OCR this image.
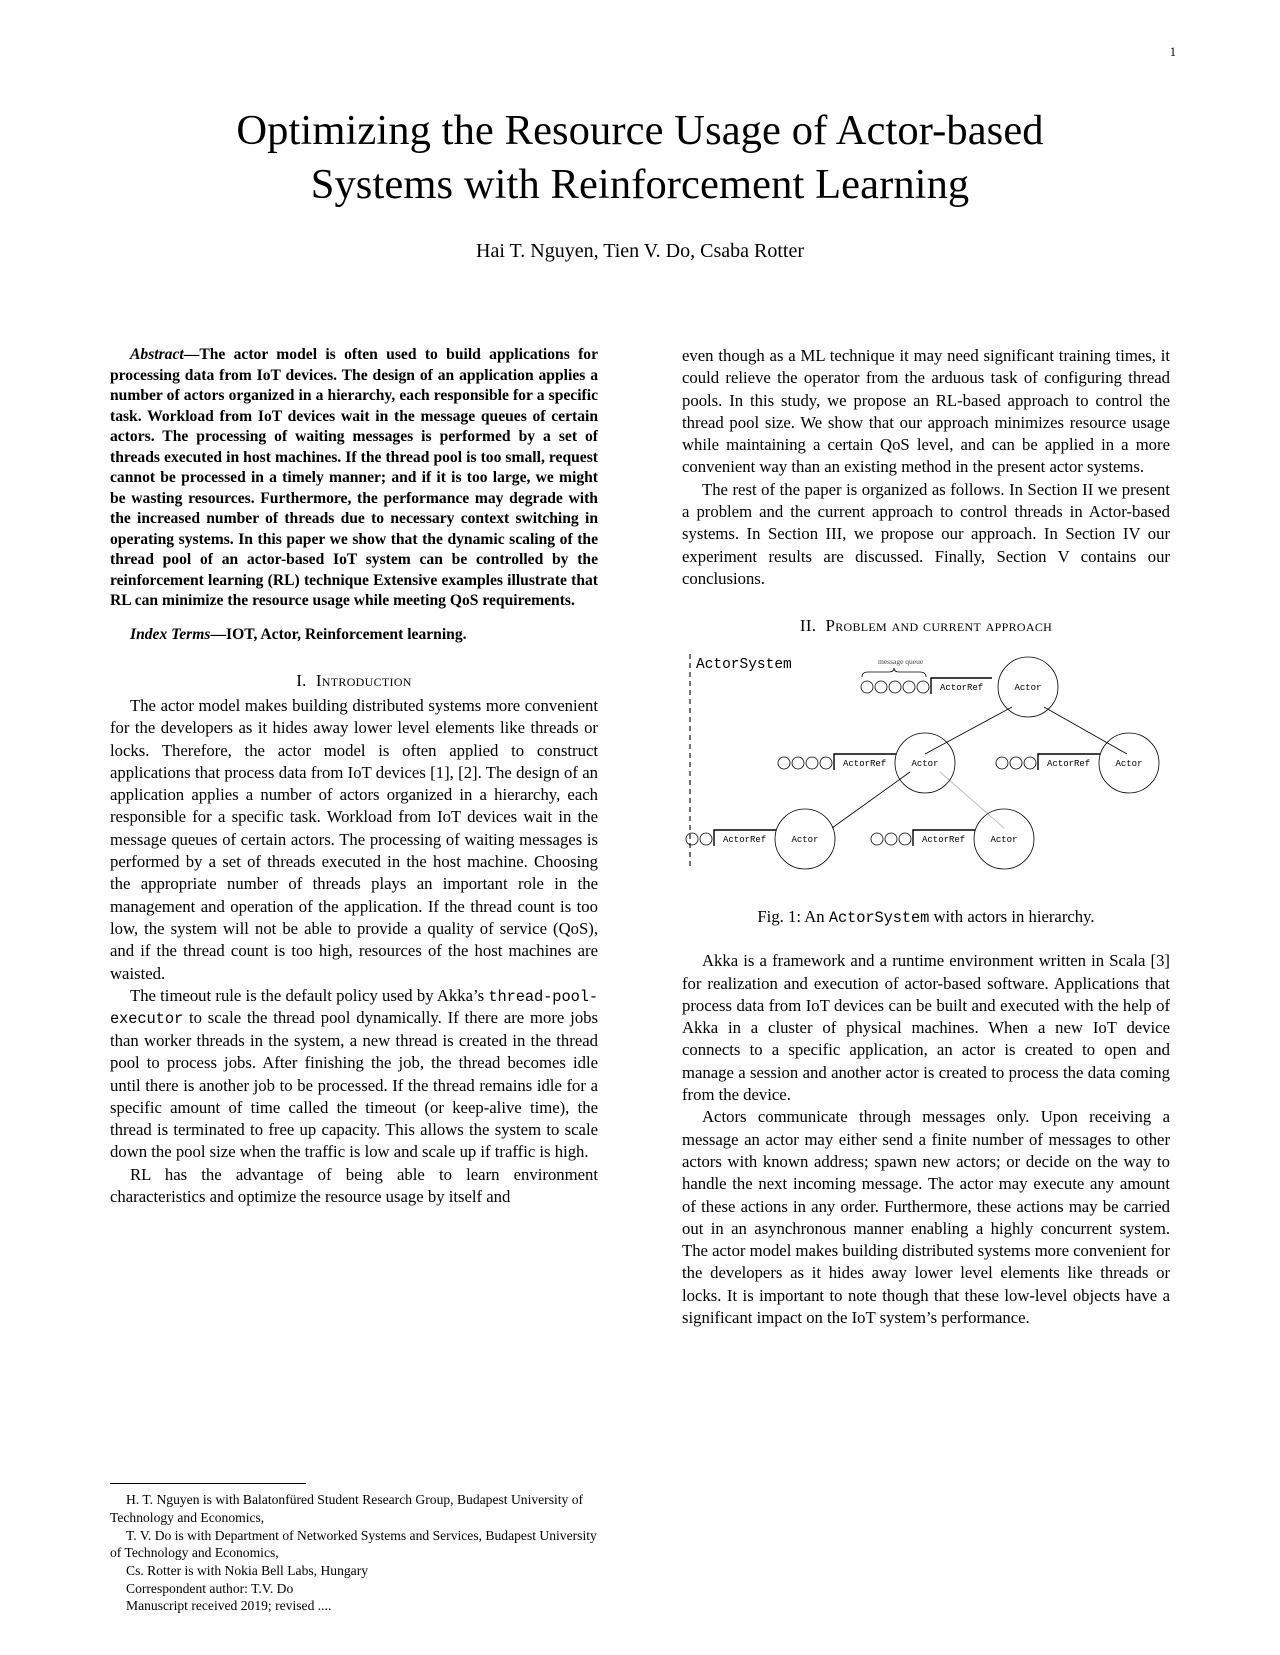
1
Optimizing the Resource Usage of Actor-based
Systems with Reinforcement Learning
Hai T. Nguyen, Tien V. Do, Csaba Rotter

Abstract—The actor model is often used to build applications for processing data from IoT devices. The design of an application applies a number of actors organized in a hierarchy, each responsible for a specific task. Workload from IoT devices wait in the message queues of certain actors. The processing of waiting messages is performed by a set of threads executed in host machines. If the thread pool is too small, request cannot be processed in a timely manner; and if it is too large, we might be wasting resources. Furthermore, the performance may degrade with the increased number of threads due to necessary context switching in operating systems. In this paper we show that the dynamic scaling of the thread pool of an actor-based IoT system can be controlled by the reinforcement learning (RL) technique Extensive examples illustrate that RL can minimize the resource usage while meeting QoS requirements.

Index Terms—IOT, Actor, Reinforcement learning.

I. Introduction

The actor model makes building distributed systems more convenient for the developers as it hides away lower level elements like threads or locks. Therefore, the actor model is often applied to construct applications that process data from IoT devices [1], [2]. The design of an application applies a number of actors organized in a hierarchy, each responsible for a specific task. Workload from IoT devices wait in the message queues of certain actors. The processing of waiting messages is performed by a set of threads executed in the host machine. Choosing the appropriate number of threads plays an important role in the management and operation of the application. If the thread count is too low, the system will not be able to provide a quality of service (QoS), and if the thread count is too high, resources of the host machines are waisted.

The timeout rule is the default policy used by Akka’s thread-pool-executor to scale the thread pool dynamically. If there are more jobs than worker threads in the system, a new thread is created in the thread pool to process jobs. After finishing the job, the thread becomes idle until there is another job to be processed. If the thread remains idle for a specific amount of time called the timeout (or keep-alive time), the thread is terminated to free up capacity. This allows the system to scale down the pool size when the traffic is low and scale up if traffic is high.

RL has the advantage of being able to learn environment characteristics and optimize the resource usage by itself and

H. T. Nguyen is with Balatonfüred Student Research Group, Budapest University of Technology and Economics,

T. V. Do is with Department of Networked Systems and Services, Budapest University of Technology and Economics,

Cs. Rotter is with Nokia Bell Labs, Hungary

Correspondent author: T.V. Do

Manuscript received 2019; revised ....

even though as a ML technique it may need significant training times, it could relieve the operator from the arduous task of configuring thread pools. In this study, we propose an RL-based approach to control the thread pool size. We show that our approach minimizes resource usage while maintaining a certain QoS level, and can be applied in a more convenient way than an existing method in the present actor systems.

The rest of the paper is organized as follows. In Section II we present a problem and the current approach to control threads in Actor-based systems. In Section III, we propose our approach. In Section IV our experiment results are discussed. Finally, Section V contains our conclusions.

II. Problem and current approach
ActorSystem	message queue
ActorRef	Actor
ActorRef	Actor	ActorRef	Actor
ActorRef	Actor	ActorRef	Actor
Fig. 1: An ActorSystem with actors in hierarchy.

Akka is a framework and a runtime environment written in Scala [3] for realization and execution of actor-based software. Applications that process data from IoT devices can be built and executed with the help of Akka in a cluster of physical machines. When a new IoT device connects to a specific application, an actor is created to open and manage a session and another actor is created to process the data coming from the device.

Actors communicate through messages only. Upon receiving a message an actor may either send a finite number of messages to other actors with known address; spawn new actors; or decide on the way to handle the next incoming message. The actor may execute any amount of these actions in any order. Furthermore, these actions may be carried out in an asynchronous manner enabling a highly concurrent system. The actor model makes building distributed systems more convenient for the developers as it hides away lower level elements like threads or locks. It is important to note though that these low-level objects have a significant impact on the IoT system’s performance.
